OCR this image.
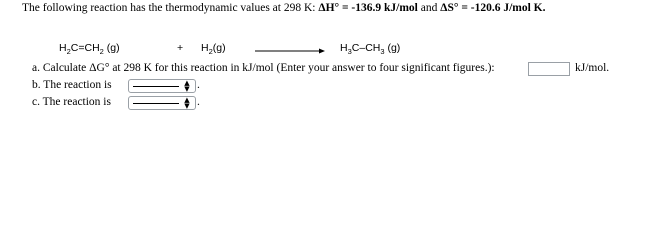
The following reaction has the thermodynamic values at 298 K: ΔH° = -136.9 kJ/mol and ΔS° = -120.6 J/mol K.
$H_2C=CH_2$ (g)	+ $H_2(g)$	$H_3C-CH_3$ (g)
a. Calculate ΔG° at 298 K for this reaction in kJ/mol (Enter your answer to four significant figures.):	kJ/mol.
b. The reaction is	▲
▼ .
c. The reaction is	▲
▼ .
